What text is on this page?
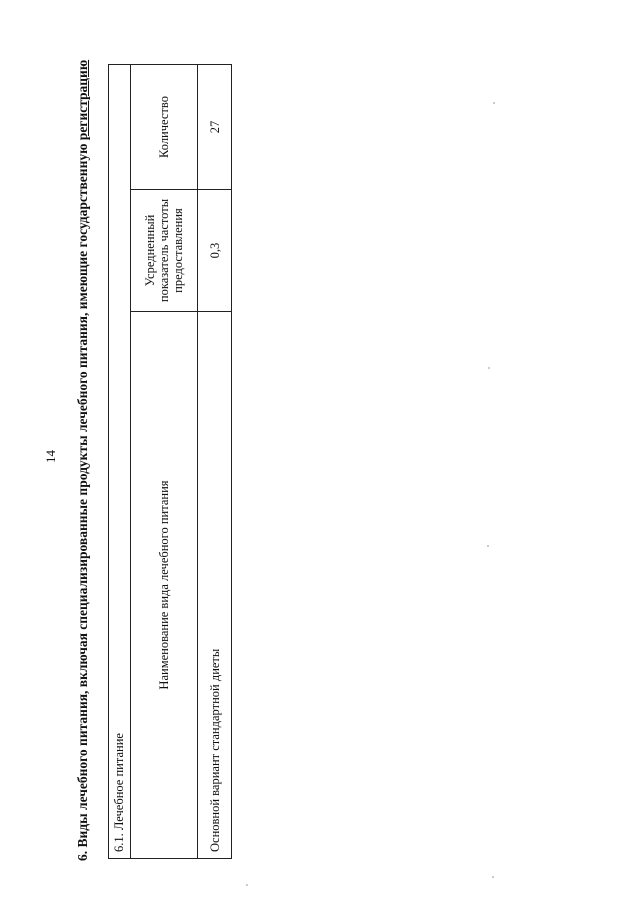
14 6. Виды лечебного питания, включая специализированные продукты лечебного питания, имеющие государственную регистрацию
6.1. Лечебное питание
Наименование вида лечебного питания
Усредненный показатель частоты предоставления
Количество
Основной вариант стандартной диеты
0,3
27
